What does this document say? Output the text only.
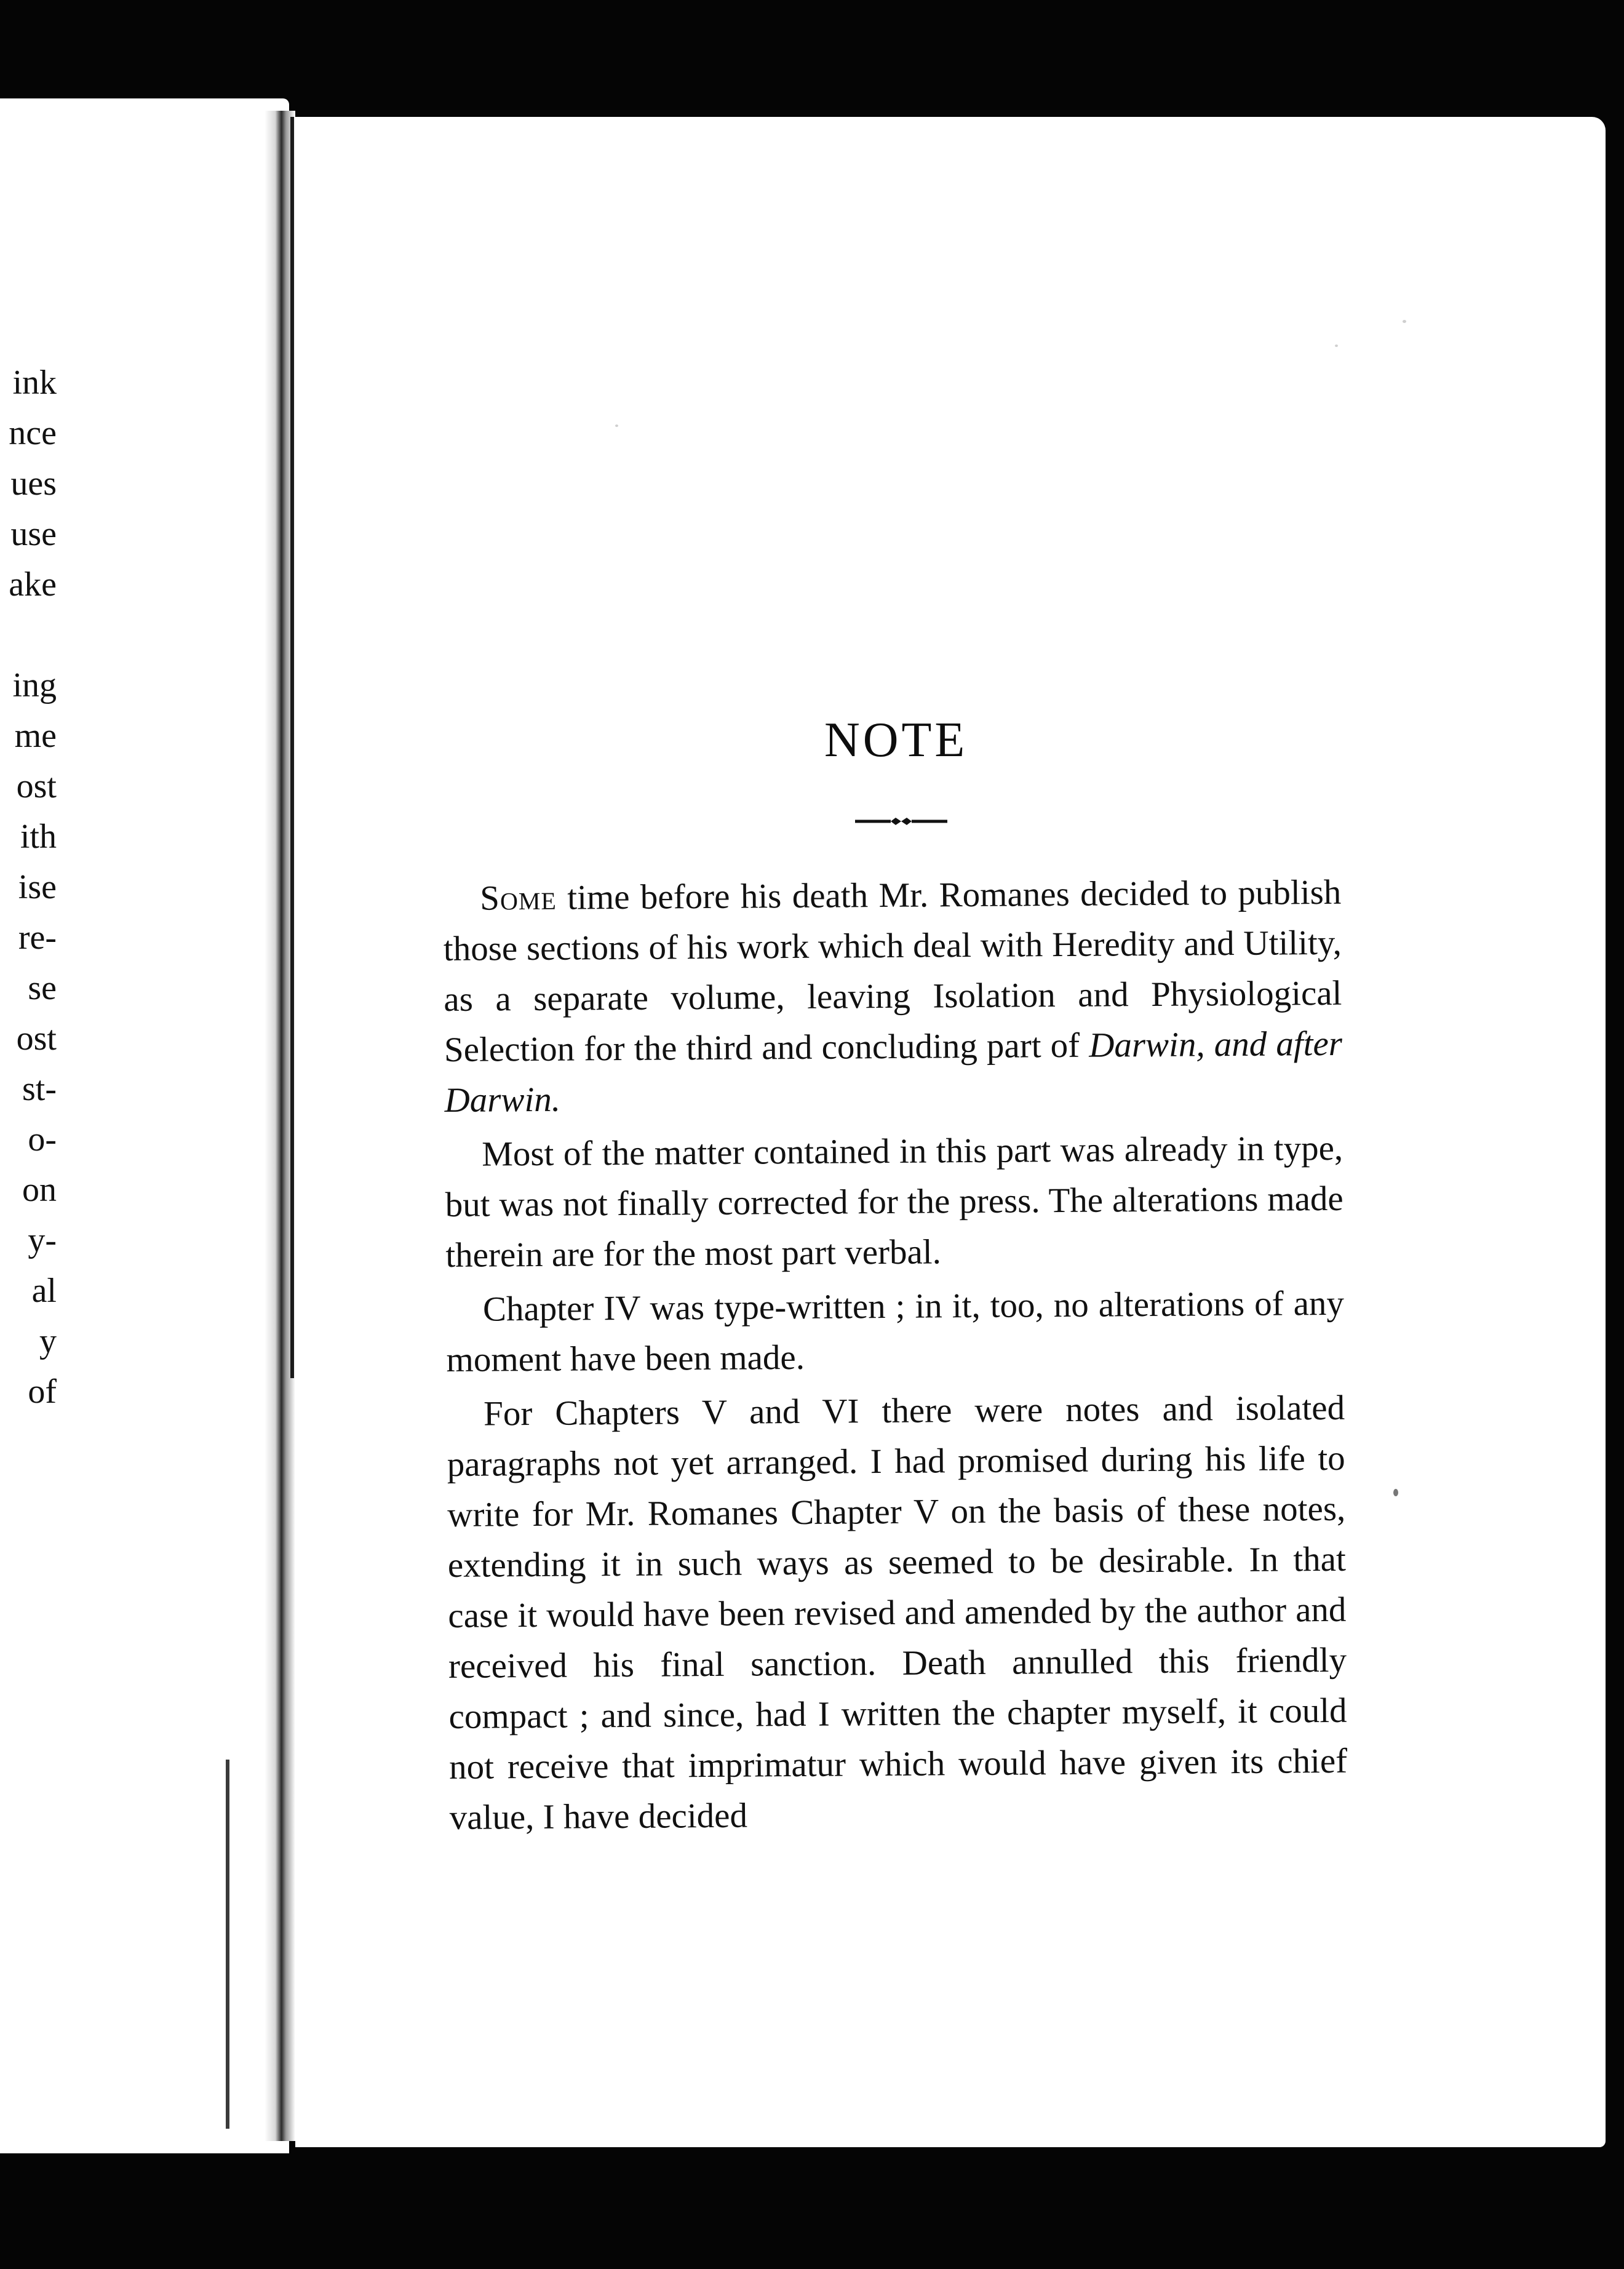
ink
nce
ues
use
ake
ing
me
ost
ith
ise
re-
se
ost
st-
o-
on
y-
al
y
of
NOTE

Some time before his death Mr. Romanes decided to publish those sections of his work which deal with Heredity and Utility, as a separate volume, leaving Isolation and Physiological Selection for the third and concluding part of Darwin, and after Darwin.

Most of the matter contained in this part was already in type, but was not finally corrected for the press. The alterations made therein are for the most part verbal.

Chapter IV was type-written ; in it, too, no alterations of any moment have been made.

For Chapters V and VI there were notes and isolated paragraphs not yet arranged. I had promised during his life to write for Mr. Romanes Chapter V on the basis of these notes, extending it in such ways as seemed to be desirable. In that case it would have been revised and amended by the author and received his final sanction. Death annulled this friendly compact ; and since, had I written the chapter myself, it could not receive that imprimatur which would have given its chief value, I have decided
